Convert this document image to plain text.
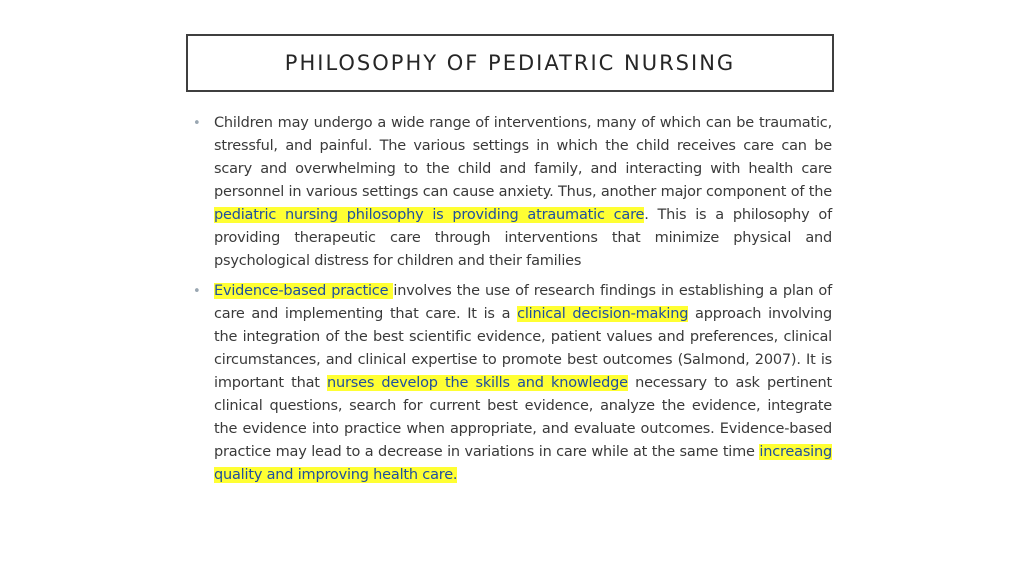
PHILOSOPHY OF PEDIATRIC NURSING
• Children may undergo a wide range of interventions, many of which can be traumatic, stressful, and painful. The various settings in which the child receives care can be scary and overwhelming to the child and family, and interacting with health care personnel in various settings can cause anxiety. Thus, another major component of the pediatric nursing philosophy is providing atraumatic care. This is a philosophy of providing therapeutic care through interventions that minimize physical and psychological distress for children and their families

• Evidence-based practice involves the use of research findings in establishing a plan of care and implementing that care. It is a clinical decision-making approach involving the integration of the best scientific evidence, patient values and preferences, clinical circumstances, and clinical expertise to promote best outcomes (Salmond, 2007). It is important that nurses develop the skills and knowledge necessary to ask pertinent clinical questions, search for current best evidence, analyze the evidence, integrate the evidence into practice when appropriate, and evaluate outcomes. Evidence-based practice may lead to a decrease in variations in care while at the same time increasing quality and improving health care.
